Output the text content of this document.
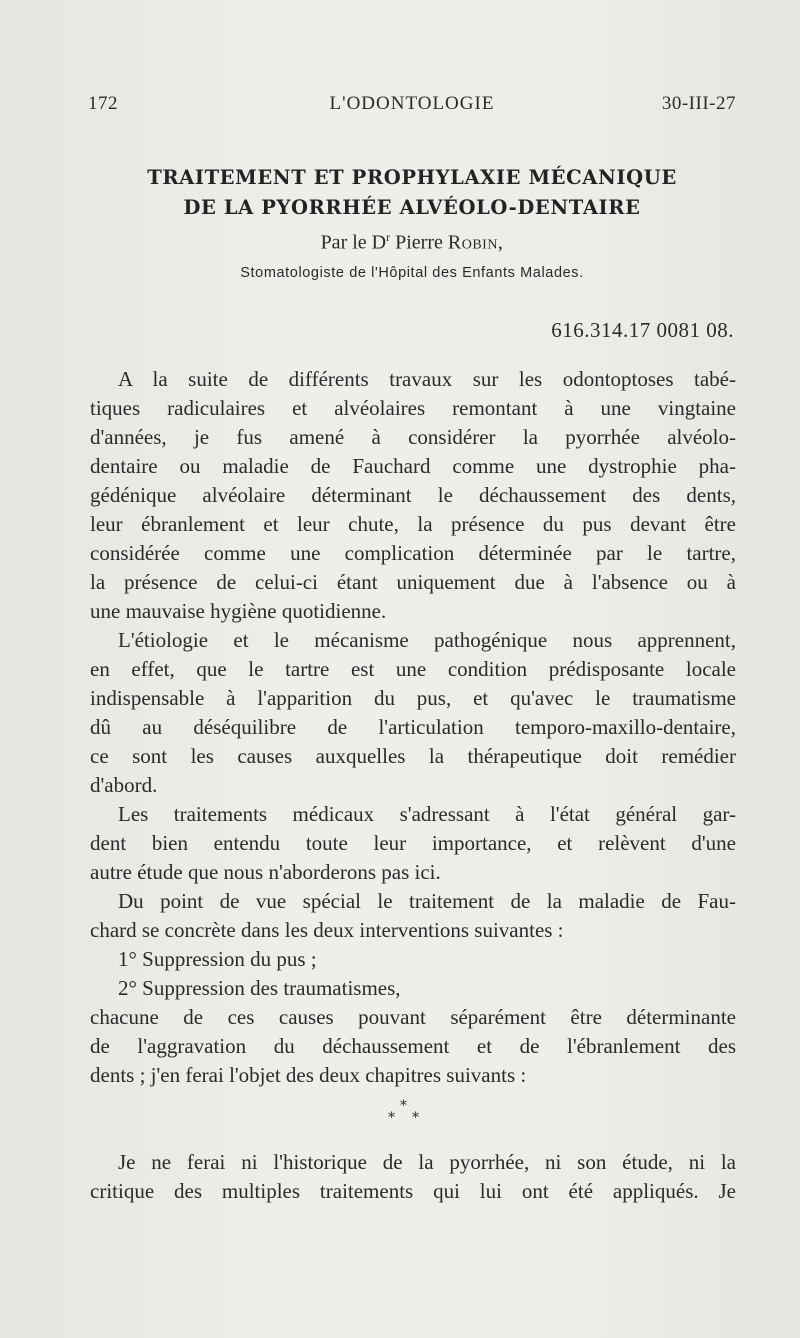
172	L'ODONTOLOGIE	30-III-27
TRAITEMENT ET PROPHYLAXIE MÉCANIQUE
DE LA PYORRHÉE ALVÉOLO-DENTAIRE
Par le $D^r$ Pierre Robin,
Stomatologiste de l'Hôpital des Enfants Malades.
616.314.17 0081 08.
A la suite de différents travaux sur les odontoptoses tabé-
tiques radiculaires et alvéolaires remontant à une vingtaine
d'années, je fus amené à considérer la pyorrhée alvéolo-
dentaire ou maladie de Fauchard comme une dystrophie pha-
gédénique alvéolaire déterminant le déchaussement des dents,
leur ébranlement et leur chute, la présence du pus devant être
considérée comme une complication déterminée par le tartre,
la présence de celui-ci étant uniquement due à l'absence ou à
une mauvaise hygiène quotidienne.
L'étiologie et le mécanisme pathogénique nous apprennent,
en effet, que le tartre est une condition prédisposante locale
indispensable à l'apparition du pus, et qu'avec le traumatisme
dû au déséquilibre de l'articulation temporo-maxillo-dentaire,
ce sont les causes auxquelles la thérapeutique doit remédier
d'abord.
Les traitements médicaux s'adressant à l'état général gar-
dent bien entendu toute leur importance, et relèvent d'une
autre étude que nous n'aborderons pas ici.
Du point de vue spécial le traitement de la maladie de Fau-
chard se concrète dans les deux interventions suivantes :
1° Suppression du pus ;
2° Suppression des traumatismes,
chacune de ces causes pouvant séparément être déterminante
de l'aggravation du déchaussement et de l'ébranlement des
dents ; j'en ferai l'objet des deux chapitres suivants :
*
* *
Je ne ferai ni l'historique de la pyorrhée, ni son étude, ni la
critique des multiples traitements qui lui ont été appliqués. Je
